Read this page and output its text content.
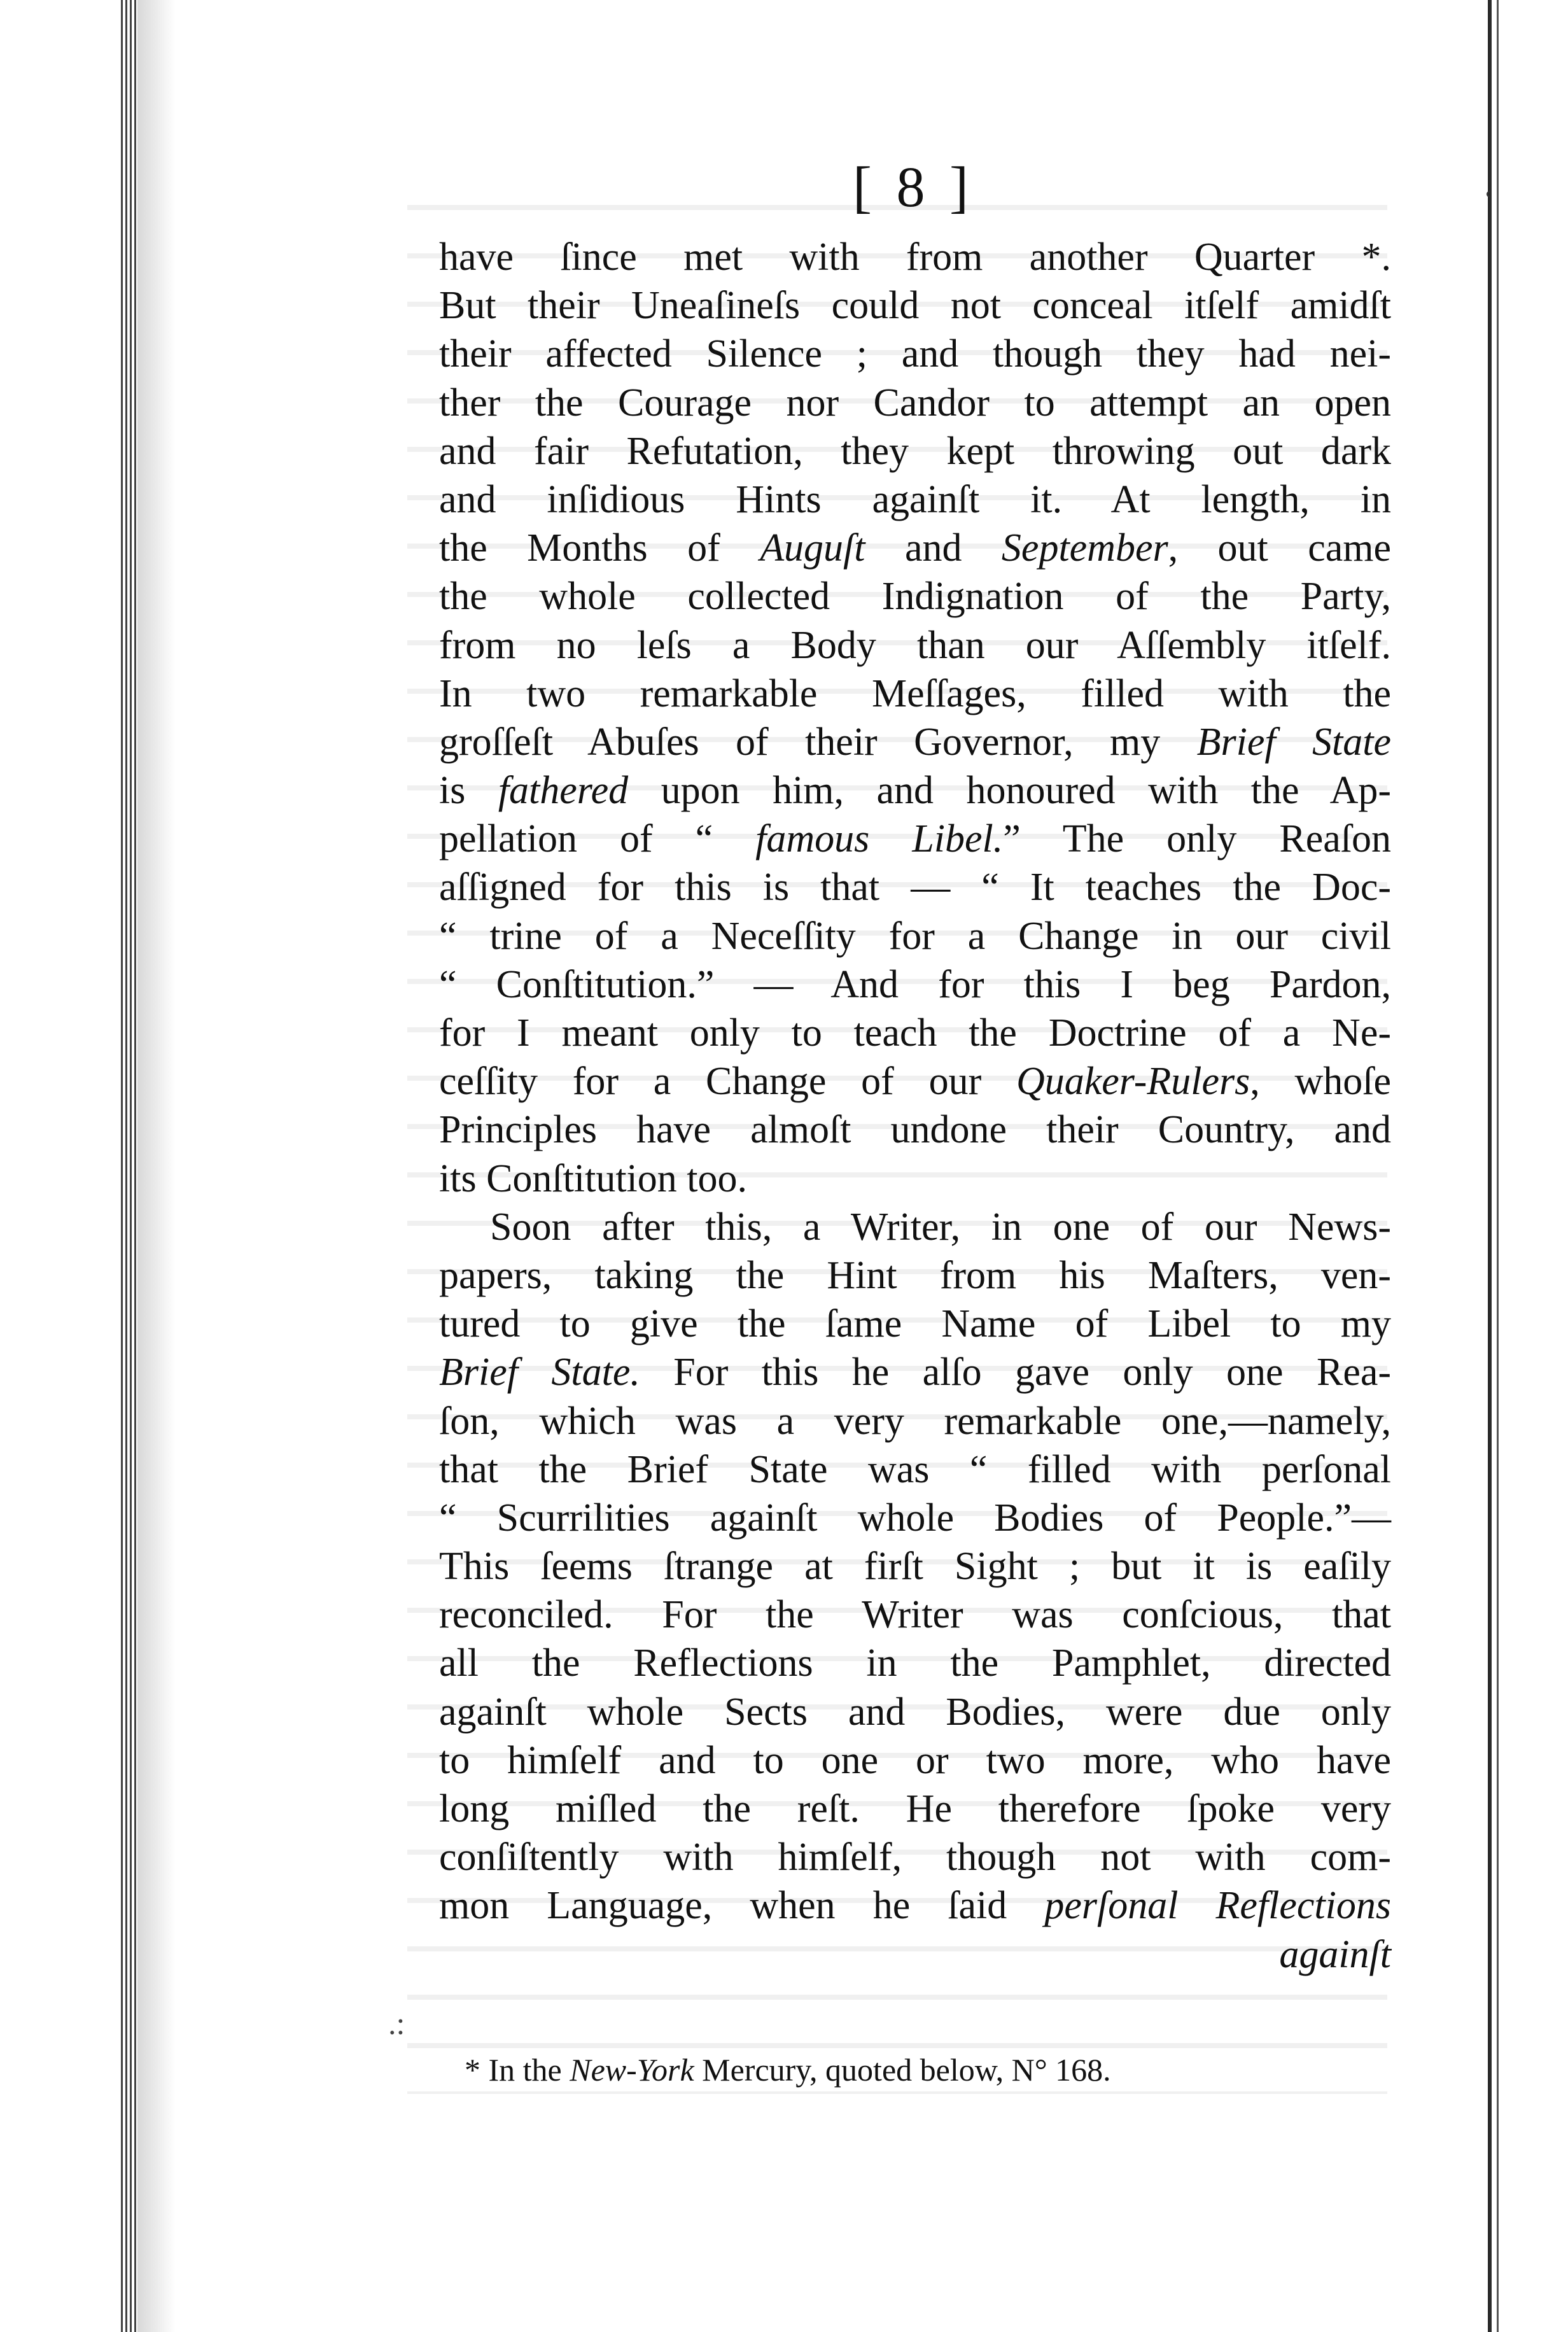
[ 8 ]	ʿ
have ſince met with from another Quarter *.
But their Uneaſineſs could not conceal itſelf amidſt
their affected Silence ; and though they had nei-
ther the Courage nor Candor to attempt an open
and fair Refutation, they kept throwing out dark
and inſidious Hints againſt it. At length, in
the Months of Auguſt and September, out came
the whole collected Indignation of the Party,
from no leſs a Body than our Aſſembly itſelf.
In two remarkable Meſſages, filled with the
groſſeſt Abuſes of their Governor, my Brief State
is fathered upon him, and honoured with the Ap-
pellation of “ famous Libel.” The only Reaſon
aſſigned for this is that — “ It teaches the Doc-
“ trine of a Neceſſity for a Change in our civil
“ Conſtitution.” — And for this I beg Pardon,
for I meant only to teach the Doctrine of a Ne-
ceſſity for a Change of our Quaker-Rulers, whoſe
Principles have almoſt undone their Country, and
its Conſtitution too.
Soon after this, a Writer, in one of our News-
papers, taking the Hint from his Maſters, ven-
tured to give the ſame Name of Libel to my
Brief State. For this he alſo gave only one Rea-
ſon, which was a very remarkable one,—namely,
that the Brief State was “ filled with perſonal
“ Scurrilities againſt whole Bodies of People.”—
This ſeems ſtrange at firſt Sight ; but it is eaſily
reconciled. For the Writer was conſcious, that
all the Reflections in the Pamphlet, directed
againſt whole Sects and Bodies, were due only
to himſelf and to one or two more, who have
long miſled the reſt. He therefore ſpoke very
conſiſtently with himſelf, though not with com-
mon Language, when he ſaid perſonal Reflections
againſt
.:
* In the New-York Mercury, quoted below, N° 168.
